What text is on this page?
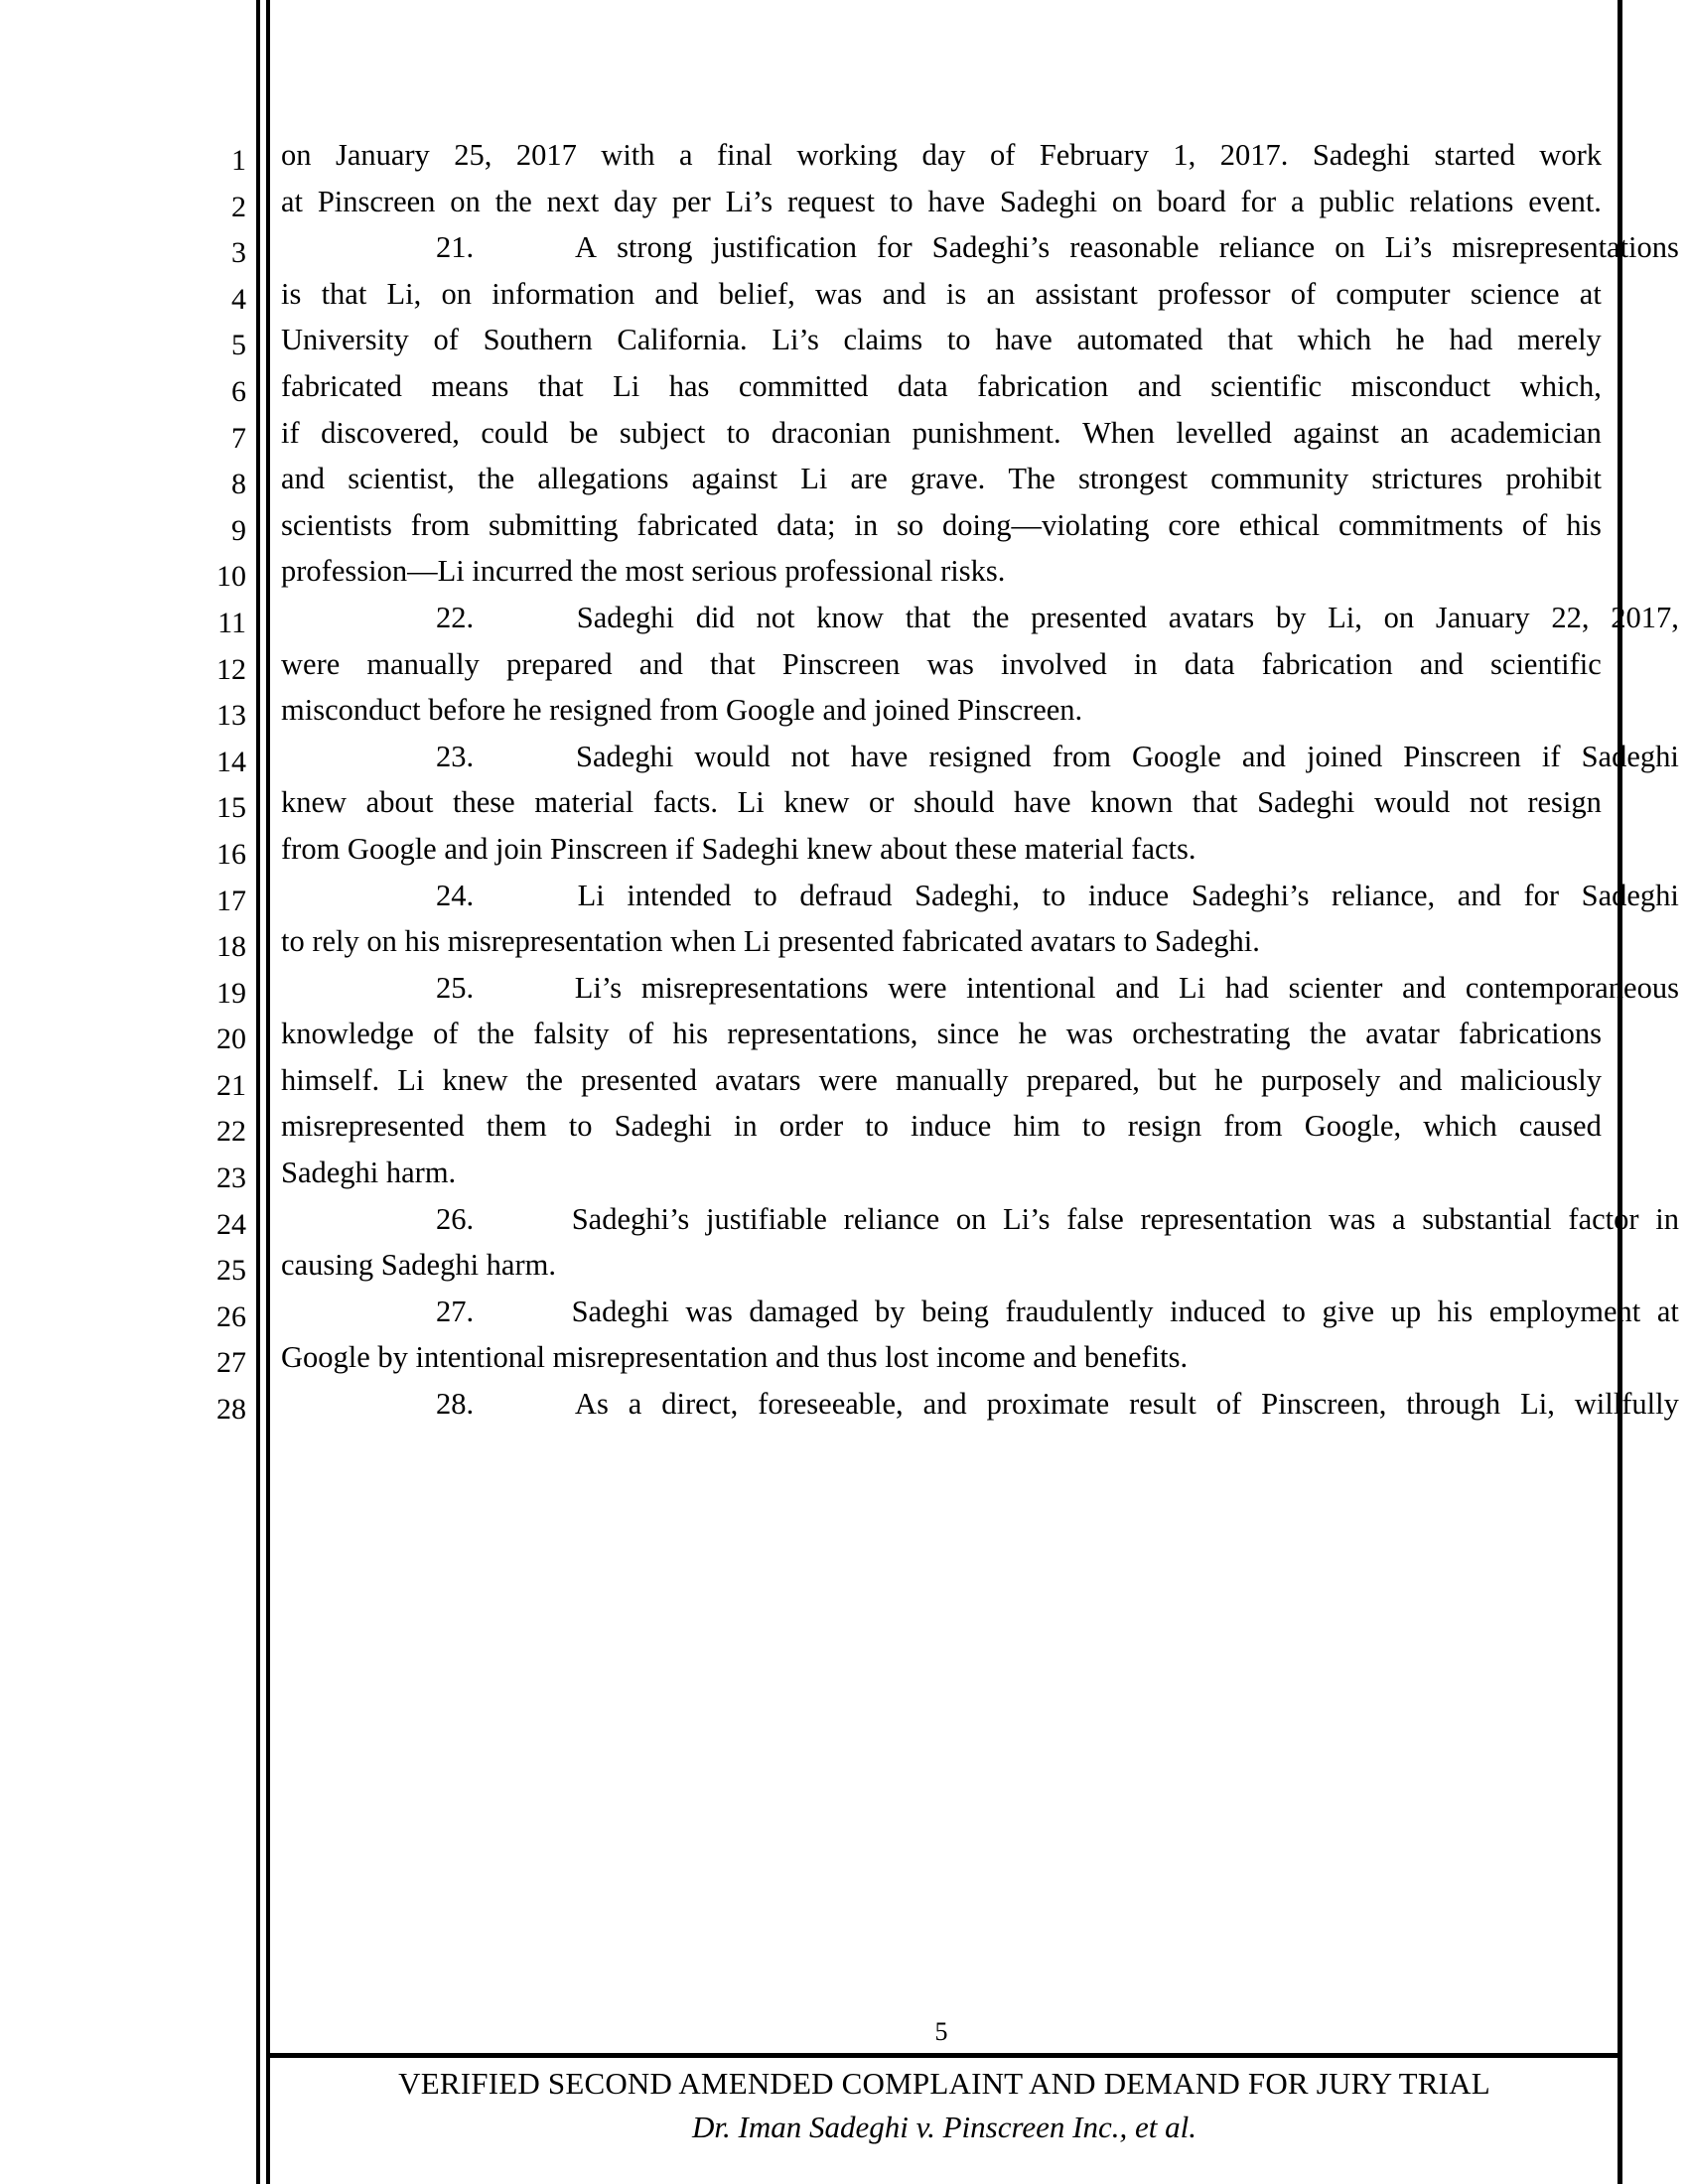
1
2
3
4
5
6
7
8
9
10
11
12
13
14
15
16
17
18
19
20
21
22
23
24
25
26
27
28
on January 25, 2017 with a final working day of February 1, 2017. Sadeghi started work
at Pinscreen on the next day per Li’s request to have Sadeghi on board for a public relations event.
21.	A strong justification for Sadeghi’s reasonable reliance on Li’s misrepresentations
is that Li, on information and belief, was and is an assistant professor of computer science at
University of Southern California. Li’s claims to have automated that which he had merely
fabricated means that Li has committed data fabrication and scientific misconduct which,
if discovered, could be subject to draconian punishment. When levelled against an academician
and scientist, the allegations against Li are grave. The strongest community strictures prohibit
scientists from submitting fabricated data; in so doing—violating core ethical commitments of his
profession—Li incurred the most serious professional risks.
22.	Sadeghi did not know that the presented avatars by Li, on January 22, 2017,
were manually prepared and that Pinscreen was involved in data fabrication and scientific
misconduct before he resigned from Google and joined Pinscreen.
23.	Sadeghi would not have resigned from Google and joined Pinscreen if Sadeghi
knew about these material facts. Li knew or should have known that Sadeghi would not resign
from Google and join Pinscreen if Sadeghi knew about these material facts.
24.	Li intended to defraud Sadeghi, to induce Sadeghi’s reliance, and for Sadeghi
to rely on his misrepresentation when Li presented fabricated avatars to Sadeghi.
25.	Li’s misrepresentations were intentional and Li had scienter and contemporaneous
knowledge of the falsity of his representations, since he was orchestrating the avatar fabrications
himself. Li knew the presented avatars were manually prepared, but he purposely and maliciously
misrepresented them to Sadeghi in order to induce him to resign from Google, which caused
Sadeghi harm.
26.	Sadeghi’s justifiable reliance on Li’s false representation was a substantial factor in
causing Sadeghi harm.
27.	Sadeghi was damaged by being fraudulently induced to give up his employment at
Google by intentional misrepresentation and thus lost income and benefits.
28.	As a direct, foreseeable, and proximate result of Pinscreen, through Li, willfully
5
VERIFIED SECOND AMENDED COMPLAINT AND DEMAND FOR JURY TRIAL
Dr. Iman Sadeghi v. Pinscreen Inc., et al.
